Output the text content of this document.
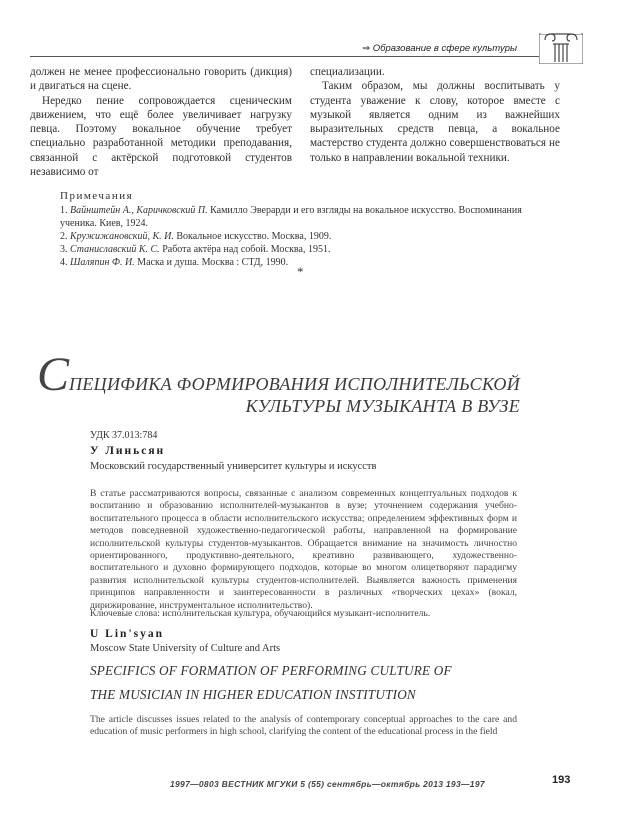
⇒ Образование в сфере культуры

должен не менее профессионально говорить (дикция) и двигаться на сцене.

Нередко пение сопровождается сценическим движением, что ещё более увеличивает нагрузку певца. Поэтому вокальное обучение требует специально разработанной методики преподавания, связанной с актёрской подготовкой студентов независимо от

специализации.

Таким образом, мы должны воспитывать у студента уважение к слову, которое вместе с музыкой является одним из важнейших выразительных средств певца, а вокальное мастерство студента должно совершенствоваться не только в направлении вокальной техники.

Примечания
1. Вайнштейн А., Каричковский П. Камилло Эверарди и его взгляды на вокальное искусство. Воспоминания ученика. Киев, 1924.
2. Кружижановский, К. И. Вокальное искусство. Москва, 1909.
3. Станиславский К. С. Работа актёра над собой. Москва, 1951.
4. Шаляпин Ф. И. Маска и душа. Москва : СТД, 1990.
*
СПЕЦИФИКА ФОРМИРОВАНИЯ ИСПОЛНИТЕЛЬСКОЙ
КУЛЬТУРЫ МУЗЫКАНТА В ВУЗЕ
УДК 37.013:784
У Линьсян
Московский государственный университет культуры и искусств
В статье рассматриваются вопросы, связанные с анализом современных концептуальных подходов к воспитанию и образованию исполнителей-музыкантов в вузе; уточнением содержания учебно-воспитательного процесса в области исполнительского искусства; определением эффективных форм и методов повседневной художественно-педагогической работы, направленной на формирование исполнительской культуры студентов-музыкантов. Обращается внимание на значимость личностно ориентированного, продуктивно-деятельного, креативно развивающего, художественно-воспитательного и духовно формирующего подходов, которые во многом олицетворяют парадигму развития исполнительской культуры студентов-исполнителей. Выявляется важность применения принципов направленности и заинтересованности в различных «творческих цехах» (вокал, дирижирование, инструментальное исполнительство).
Ключевые слова: исполнительская культура, обучающийся музыкант-исполнитель.
U Lin'syan
Moscow State University of Culture and Arts
SPECIFICS OF FORMATION OF PERFORMING CULTURE OF
THE MUSICIAN IN HIGHER EDUCATION INSTITUTION
The article discusses issues related to the analysis of contemporary conceptual approaches to the care and education of music performers in high school, clarifying the content of the educational process in the field
1997—0803 ВЕСТНИК МГУКИ 5 (55) сентябрь—октябрь 2013 193—197	193
